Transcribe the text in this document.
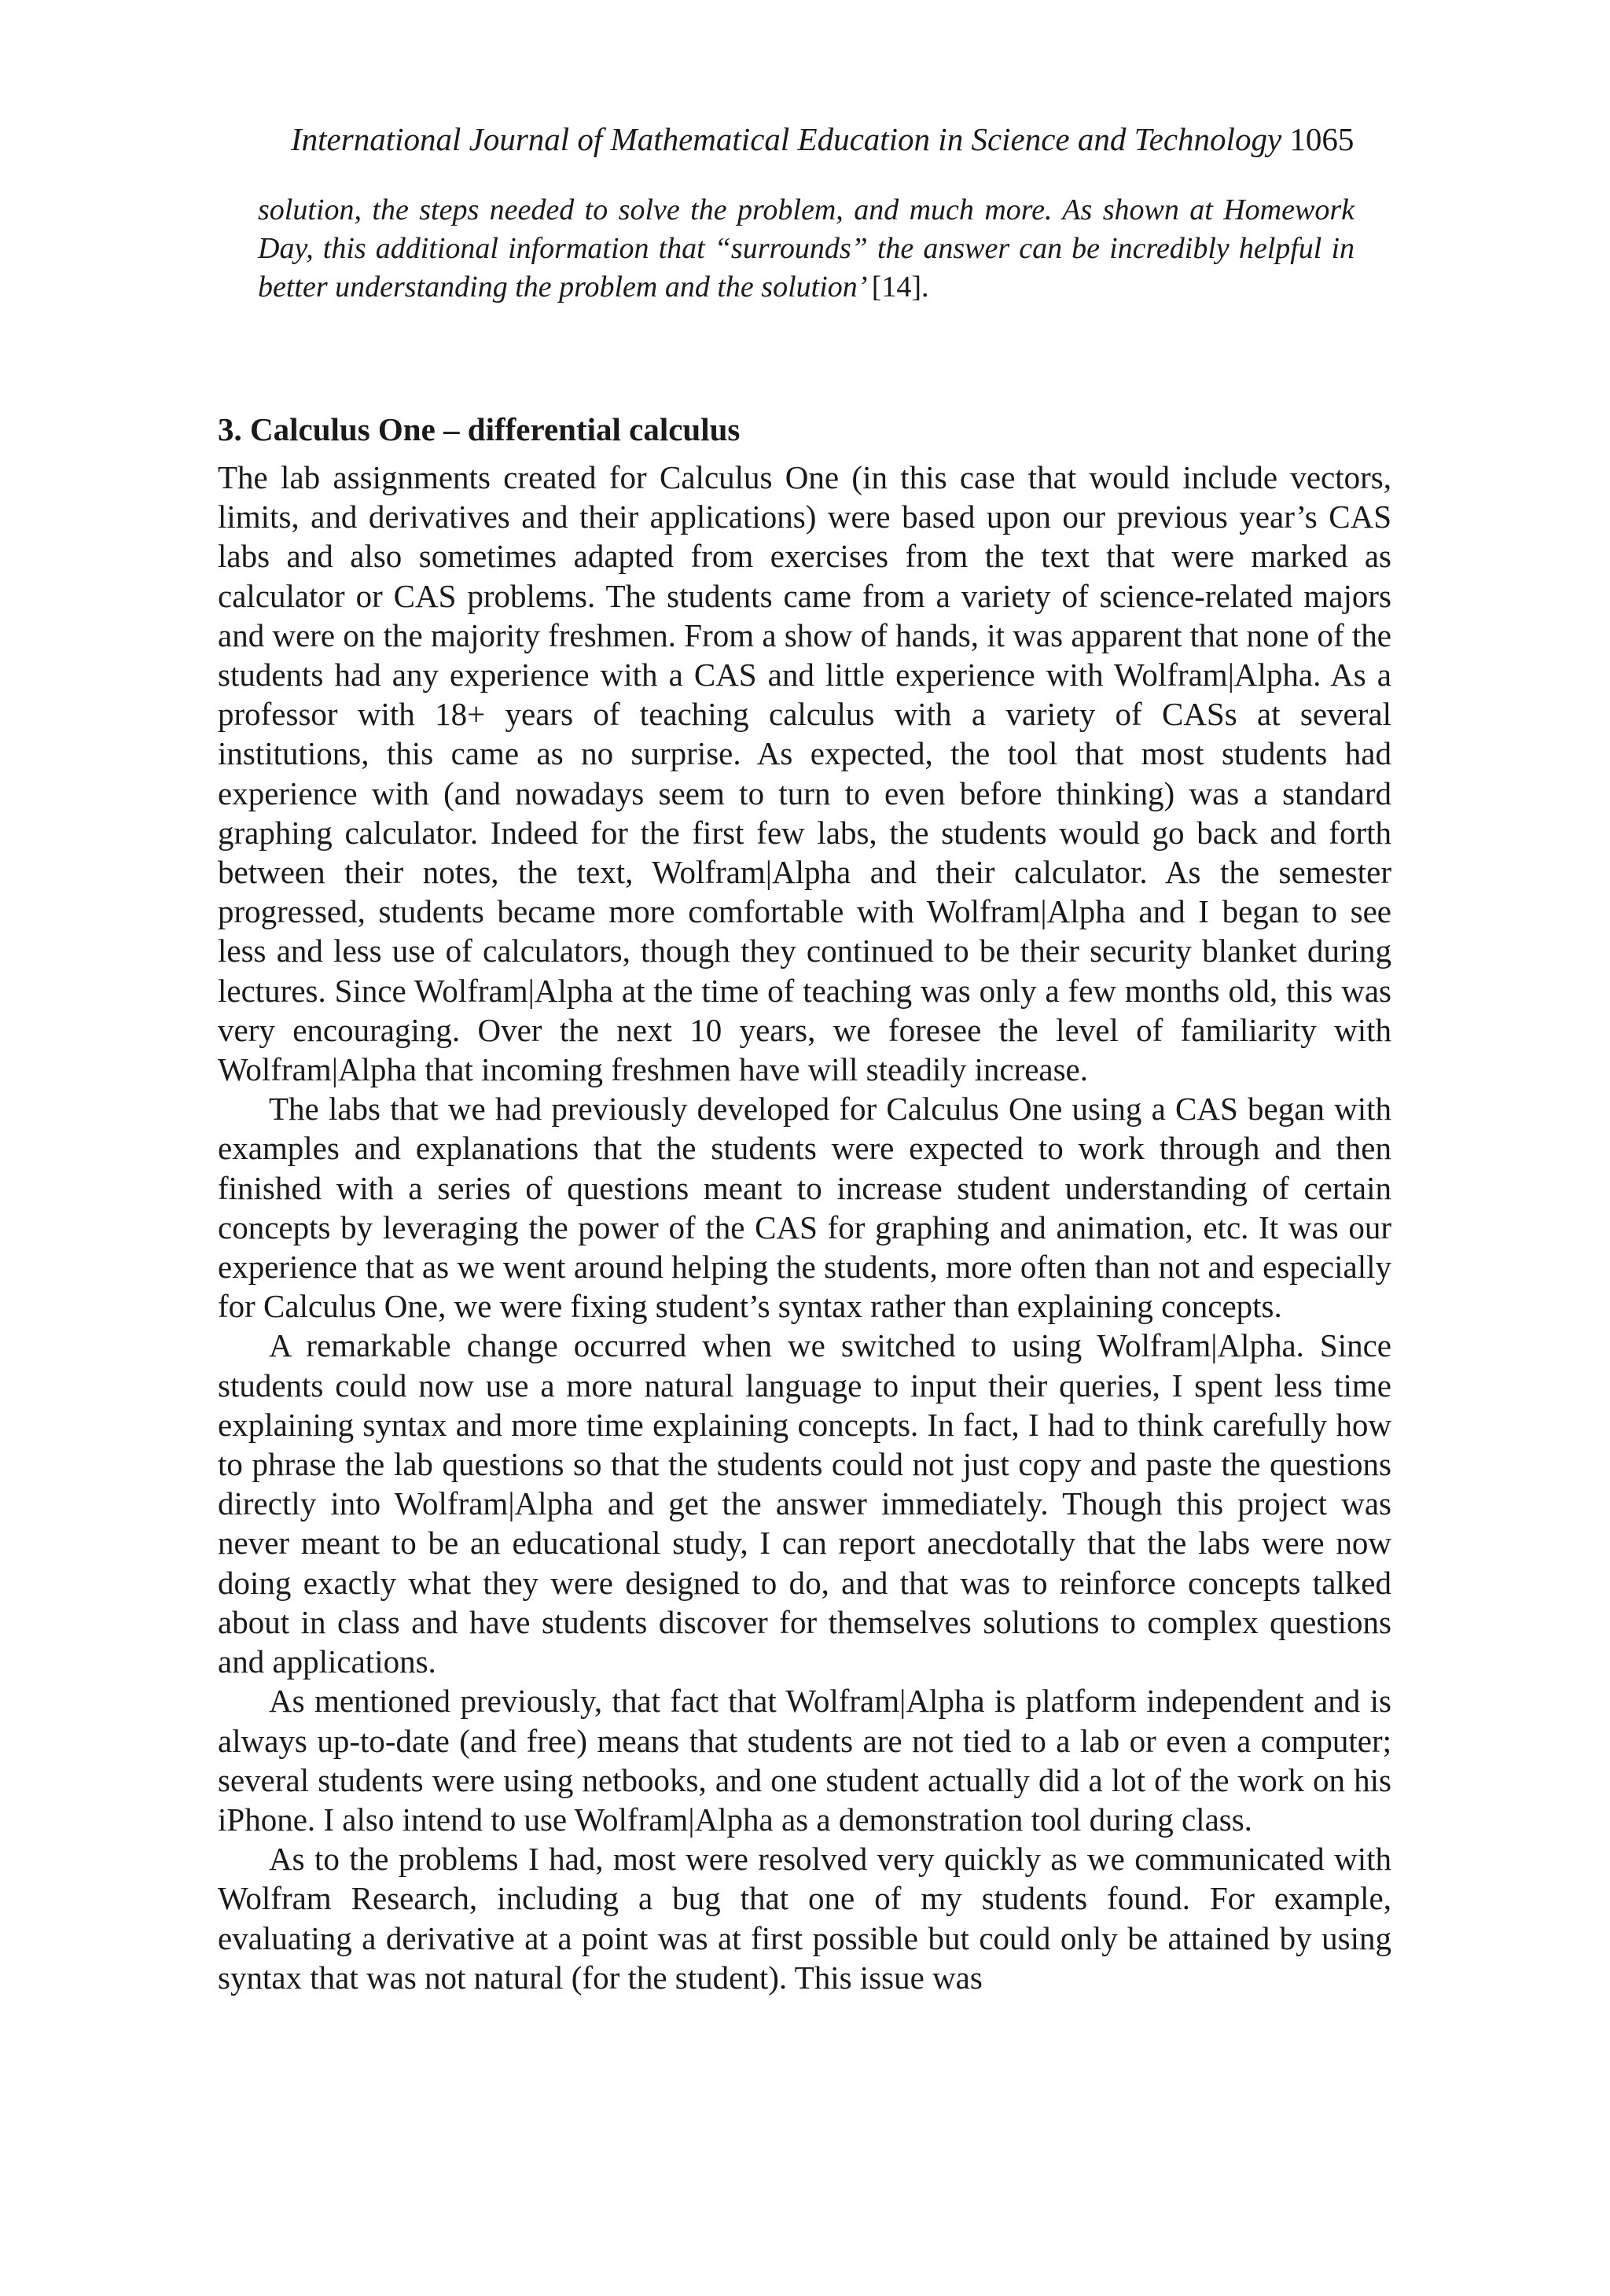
International Journal of Mathematical Education in Science and Technology 1065

solution, the steps needed to solve the problem, and much more. As shown at Homework Day, this additional information that “surrounds” the answer can be incredibly helpful in better understanding the problem and the solution’ [14].

3. Calculus One – differential calculus

The lab assignments created for Calculus One (in this case that would include vectors, limits, and derivatives and their applications) were based upon our previous year’s CAS labs and also sometimes adapted from exercises from the text that were marked as calculator or CAS problems. The students came from a variety of science-related majors and were on the majority freshmen. From a show of hands, it was apparent that none of the students had any experience with a CAS and little experience with Wolfram|Alpha. As a professor with 18+ years of teaching calculus with a variety of CASs at several institutions, this came as no surprise. As expected, the tool that most students had experience with (and nowadays seem to turn to even before thinking) was a standard graphing calculator. Indeed for the first few labs, the students would go back and forth between their notes, the text, Wolfram|Alpha and their calculator. As the semester progressed, students became more comfortable with Wolfram|Alpha and I began to see less and less use of calculators, though they continued to be their security blanket during lectures. Since Wolfram|Alpha at the time of teaching was only a few months old, this was very encouraging. Over the next 10 years, we foresee the level of familiarity with Wolfram|Alpha that incoming freshmen have will steadily increase.

The labs that we had previously developed for Calculus One using a CAS began with examples and explanations that the students were expected to work through and then finished with a series of questions meant to increase student understanding of certain concepts by leveraging the power of the CAS for graphing and animation, etc. It was our experience that as we went around helping the students, more often than not and especially for Calculus One, we were fixing student’s syntax rather than explaining concepts.

A remarkable change occurred when we switched to using Wolfram|Alpha. Since students could now use a more natural language to input their queries, I spent less time explaining syntax and more time explaining concepts. In fact, I had to think carefully how to phrase the lab questions so that the students could not just copy and paste the questions directly into Wolfram|Alpha and get the answer immediately. Though this project was never meant to be an educational study, I can report anecdotally that the labs were now doing exactly what they were designed to do, and that was to reinforce concepts talked about in class and have students discover for themselves solutions to complex questions and applications.

As mentioned previously, that fact that Wolfram|Alpha is platform independent and is always up-to-date (and free) means that students are not tied to a lab or even a computer; several students were using netbooks, and one student actually did a lot of the work on his iPhone. I also intend to use Wolfram|Alpha as a demonstration tool during class.

As to the problems I had, most were resolved very quickly as we communicated with Wolfram Research, including a bug that one of my students found. For example, evaluating a derivative at a point was at first possible but could only be attained by using syntax that was not natural (for the student). This issue was
